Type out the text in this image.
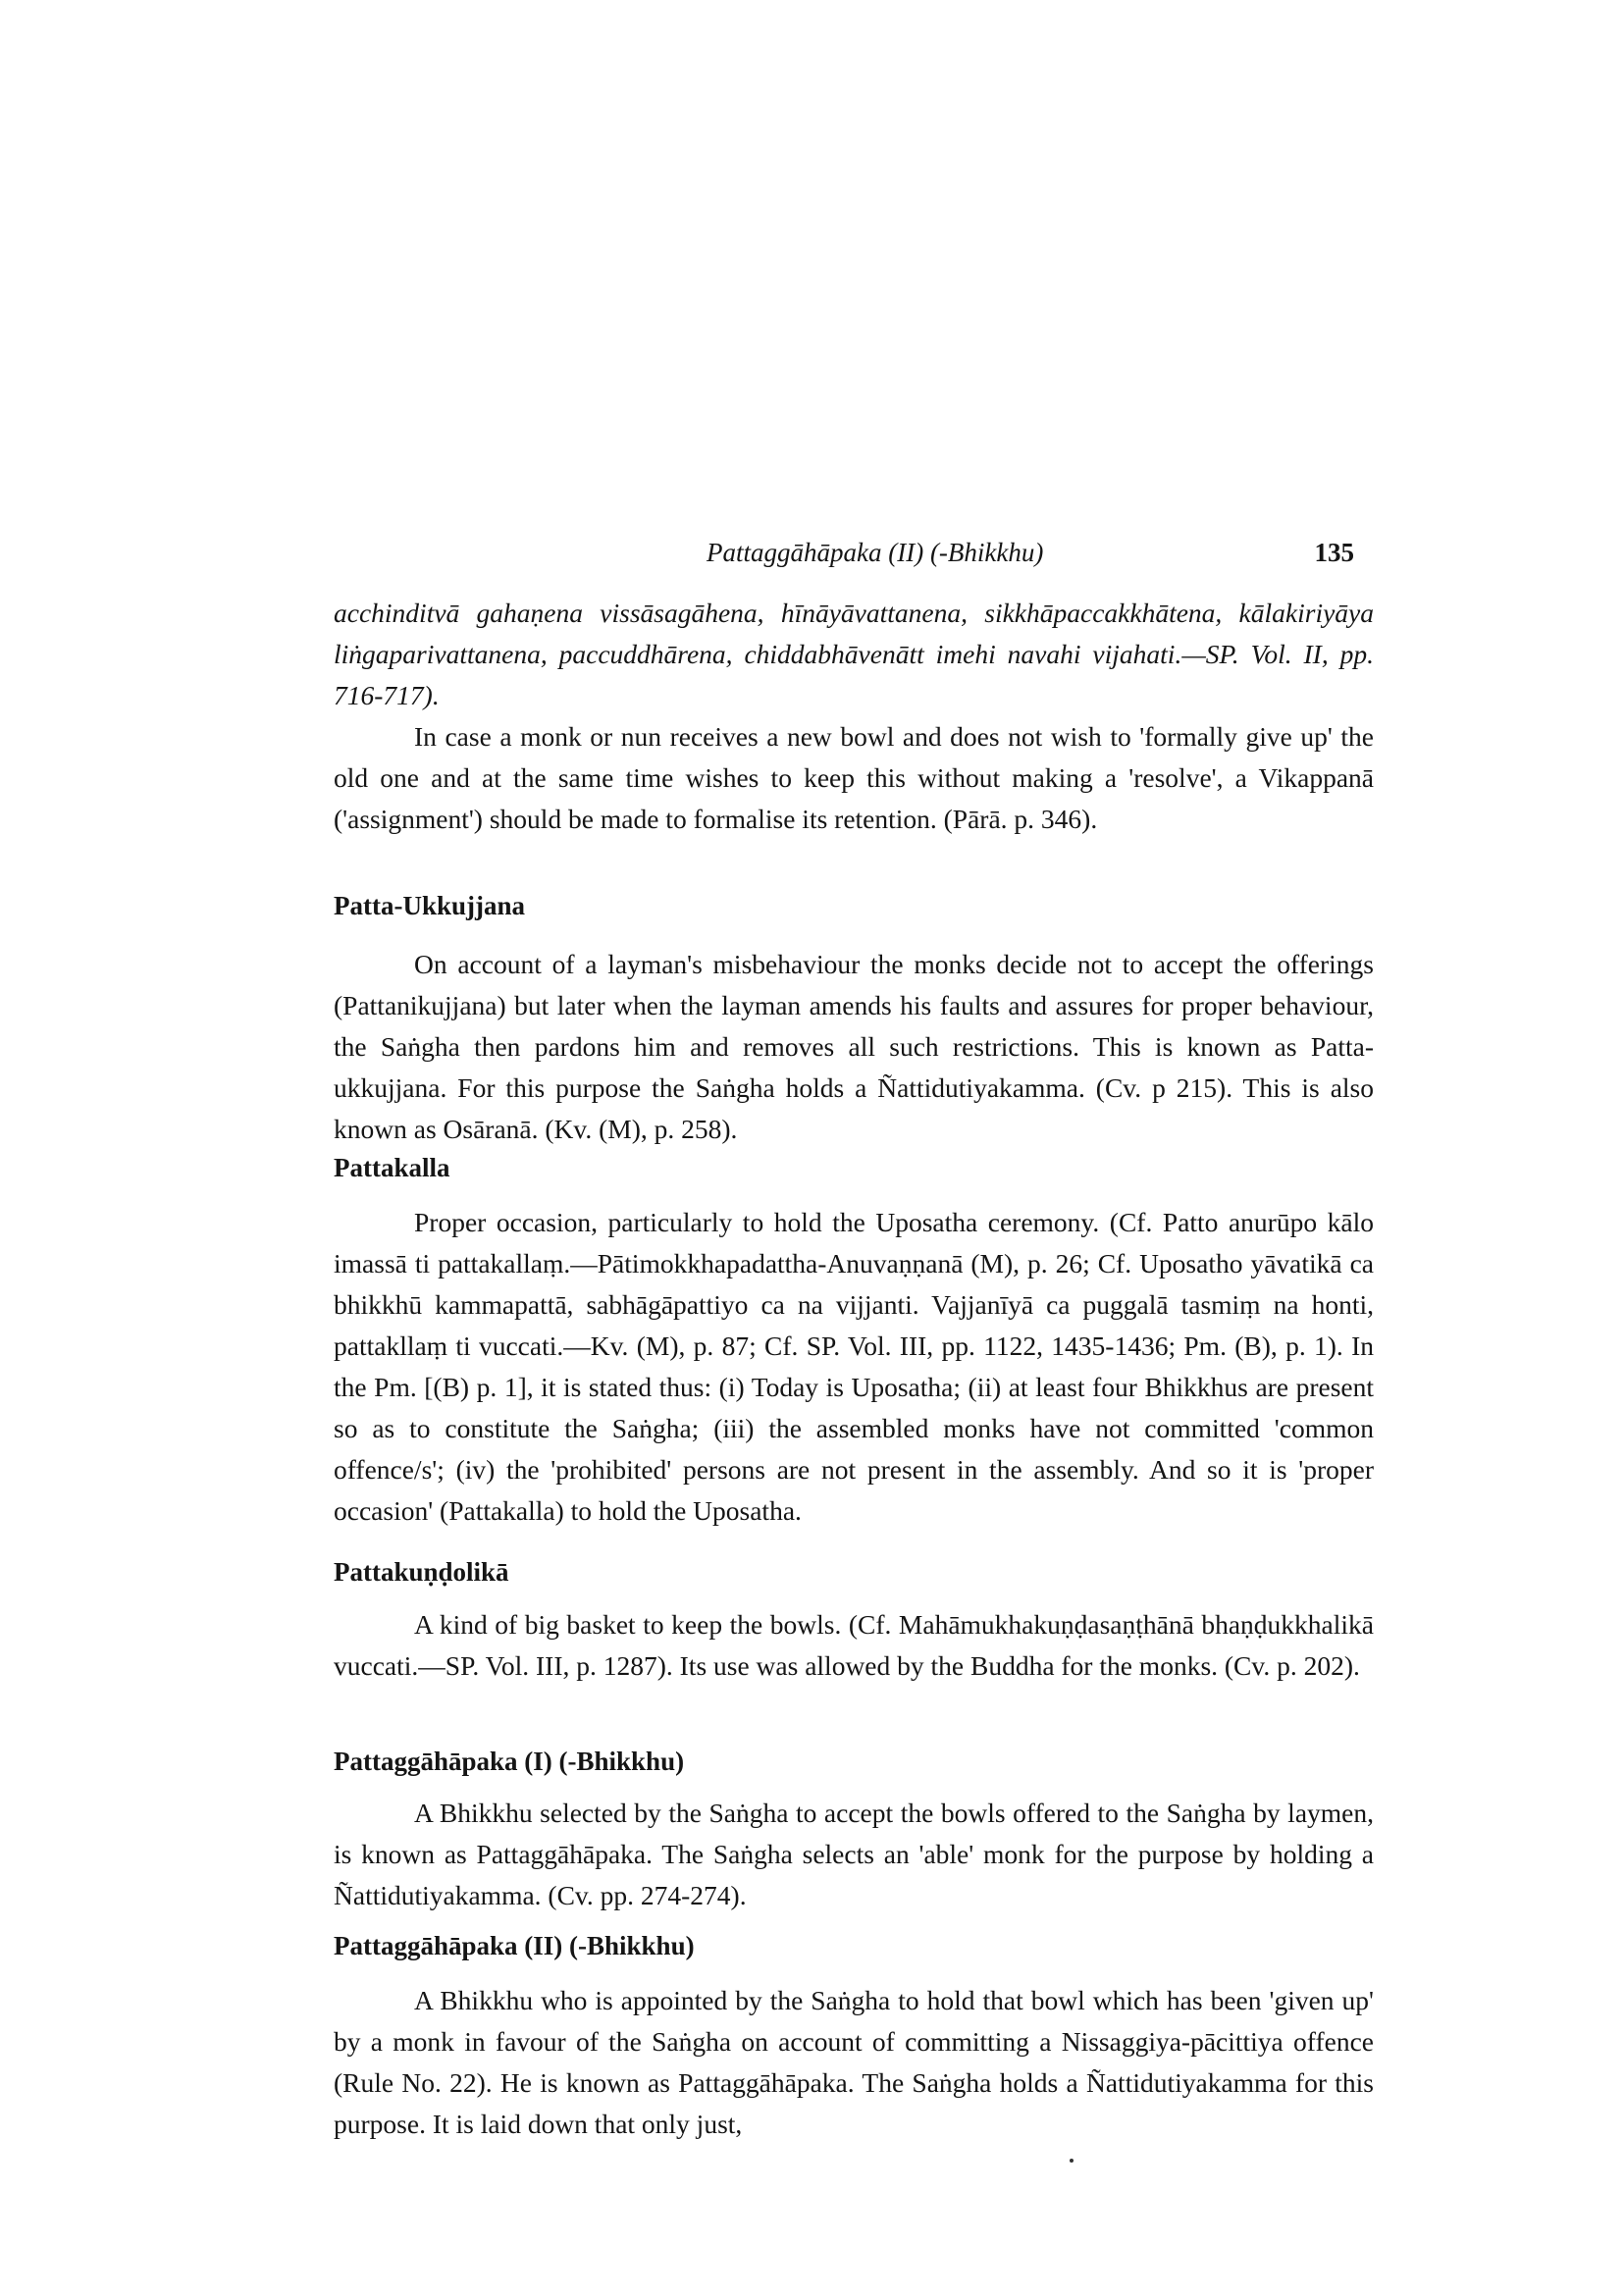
Pattaggāhāpaka (II) (-Bhikkhu)	135

acchinditvā gahaṇena vissāsagāhena, hīnāyāvattanena, sikkhāpaccakkhātena, kālakiriyāya liṅgaparivattanena, paccuddhārena, chiddabhāvenātt imehi navahi vijahati.—SP. Vol. II, pp. 716-717).

In case a monk or nun receives a new bowl and does not wish to 'formally give up' the old one and at the same time wishes to keep this without making a 'resolve', a Vikappanā ('assignment') should be made to formalise its retention. (Pārā. p. 346).

Patta-Ukkujjana

On account of a layman's misbehaviour the monks decide not to accept the offerings (Pattanikujjana) but later when the layman amends his faults and assures for proper behaviour, the Saṅgha then pardons him and removes all such restrictions. This is known as Patta-ukkujjana. For this purpose the Saṅgha holds a Ñattidutiyakamma. (Cv. p 215). This is also known as Osāranā. (Kv. (M), p. 258).

Pattakalla

Proper occasion, particularly to hold the Uposatha ceremony. (Cf. Patto anurūpo kālo imassā ti pattakallaṃ.—Pātimokkhapadattha-Anuvaṇṇanā (M), p. 26; Cf. Uposatho yāvatikā ca bhikkhū kammapattā, sabhāgāpattiyo ca na vijjanti. Vajjanīyā ca puggalā tasmiṃ na honti, pattakllaṃ ti vuccati.—Kv. (M), p. 87; Cf. SP. Vol. III, pp. 1122, 1435-1436; Pm. (B), p. 1). In the Pm. [(B) p. 1], it is stated thus: (i) Today is Uposatha; (ii) at least four Bhikkhus are present so as to constitute the Saṅgha; (iii) the assembled monks have not committed 'common offence/s'; (iv) the 'prohibited' persons are not present in the assembly. And so it is 'proper occasion' (Pattakalla) to hold the Uposatha.

Pattakuṇḍolikā

A kind of big basket to keep the bowls. (Cf. Mahāmukhakuṇḍasaṇṭhānā bhaṇḍukkhalikā vuccati.—SP. Vol. III, p. 1287). Its use was allowed by the Buddha for the monks. (Cv. p. 202).

Pattaggāhāpaka (I) (-Bhikkhu)

A Bhikkhu selected by the Saṅgha to accept the bowls offered to the Saṅgha by laymen, is known as Pattaggāhāpaka. The Saṅgha selects an 'able' monk for the purpose by holding a Ñattidutiyakamma. (Cv. pp. 274-274).

Pattaggāhāpaka (II) (-Bhikkhu)

A Bhikkhu who is appointed by the Saṅgha to hold that bowl which has been 'given up' by a monk in favour of the Saṅgha on account of committing a Nissaggiya-pācittiya offence (Rule No. 22). He is known as Pattaggāhāpaka. The Saṅgha holds a Ñattidutiyakamma for this purpose. It is laid down that only just,
